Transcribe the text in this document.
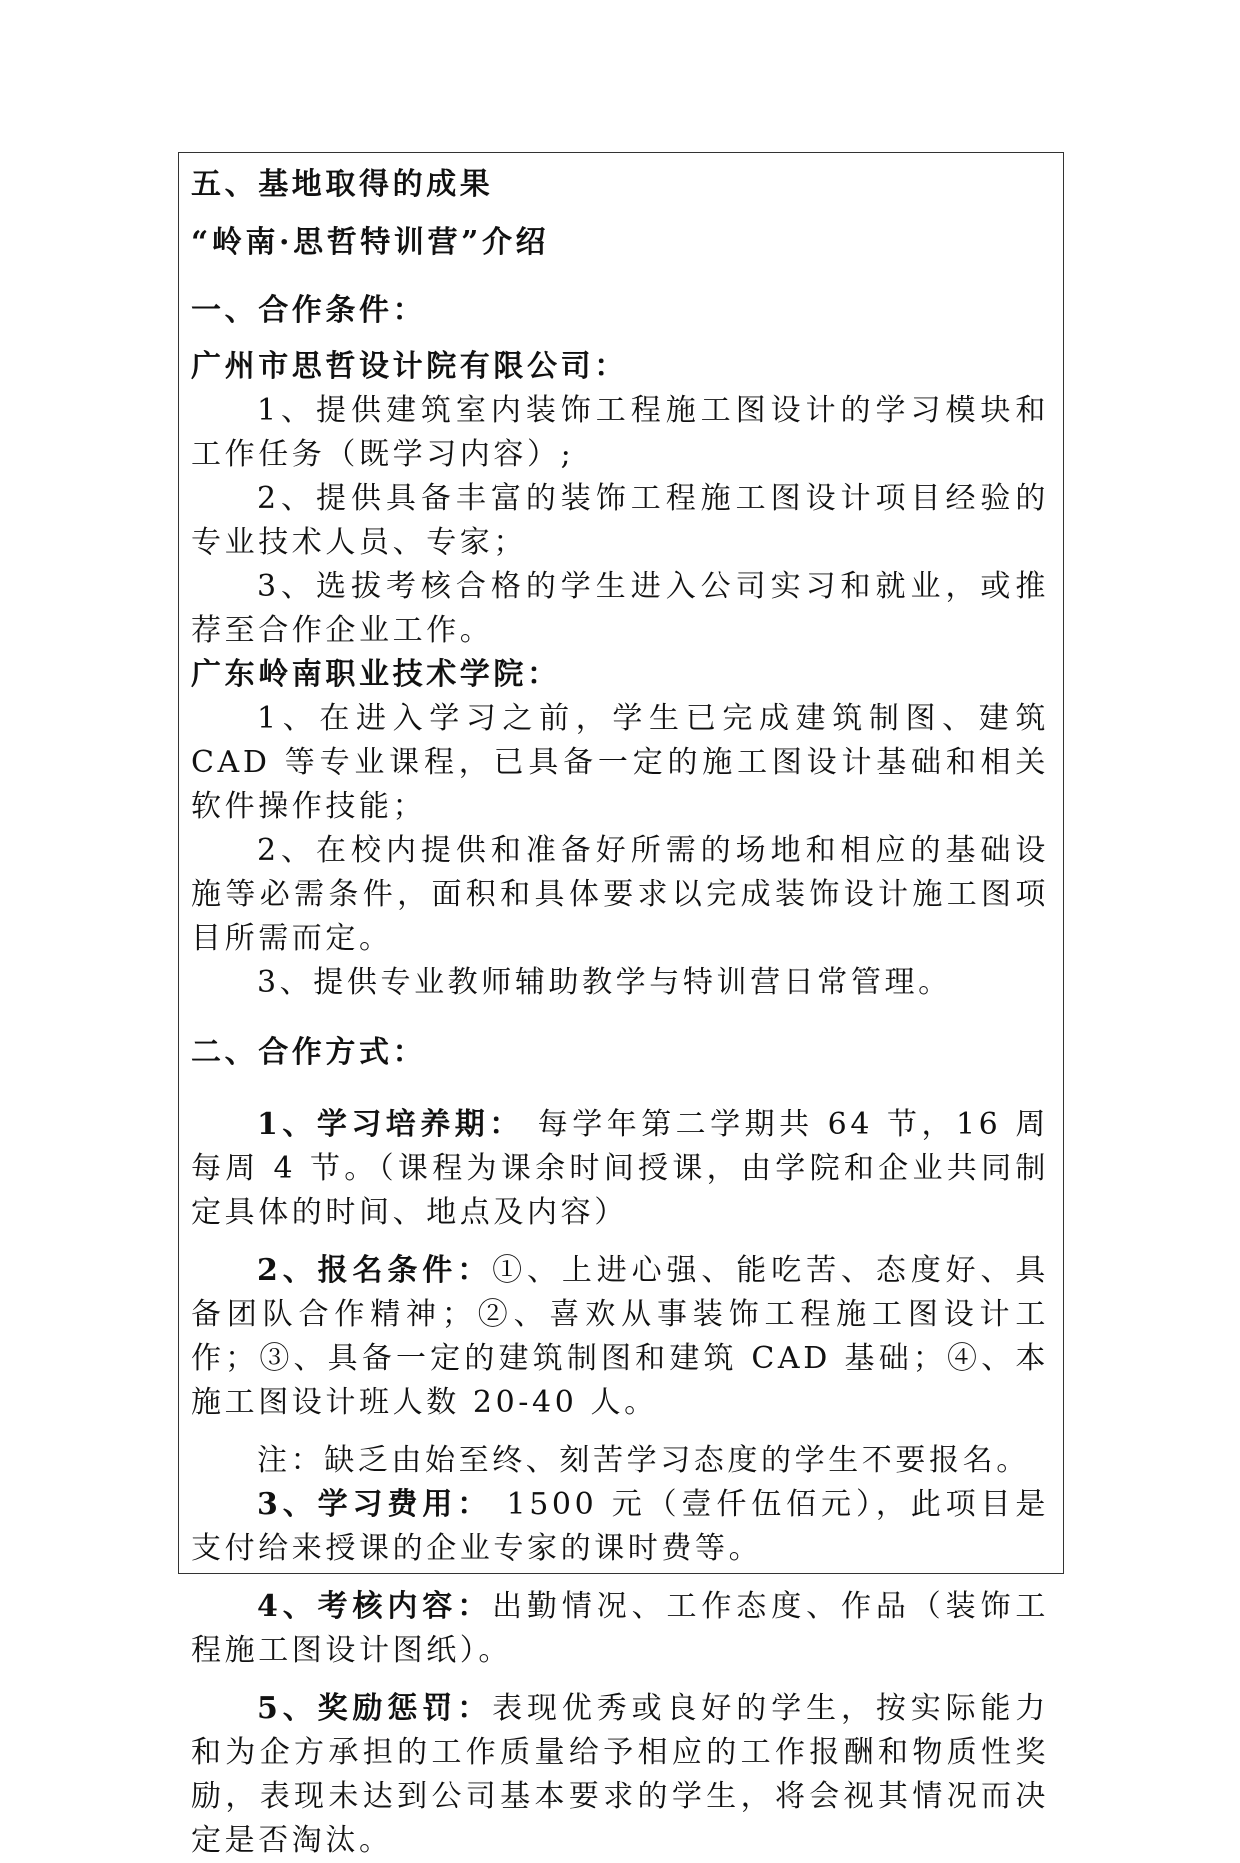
五、基地取得的成果

“岭南·思哲特训营”介绍

一、合作条件：

广州市思哲设计院有限公司：

1、提供建筑室内装饰工程施工图设计的学习模块和工作任务（既学习内容）;

2、提供具备丰富的装饰工程施工图设计项目经验的专业技术人员、专家；

3、选拔考核合格的学生进入公司实习和就业，或推荐至合作企业工作。

广东岭南职业技术学院：

1、在进入学习之前，学生已完成建筑制图、建筑 CAD 等专业课程，已具备一定的施工图设计基础和相关软件操作技能；

2、在校内提供和准备好所需的场地和相应的基础设施等必需条件，面积和具体要求以完成装饰设计施工图项目所需而定。

3、提供专业教师辅助教学与特训营日常管理。

二、合作方式：

1、学习培养期： 每学年第二学期共 64 节，16 周每周 4 节。（课程为课余时间授课，由学院和企业共同制定具体的时间、地点及内容）

2、报名条件：①、上进心强、能吃苦、态度好、具备团队合作精神；②、喜欢从事装饰工程施工图设计工作；③、具备一定的建筑制图和建筑 CAD 基础；④、本施工图设计班人数 20-40 人。

注：缺乏由始至终、刻苦学习态度的学生不要报名。

3、学习费用： 1500 元（壹仟伍佰元），此项目是支付给来授课的企业专家的课时费等。

4、考核内容：出勤情况、工作态度、作品（装饰工程施工图设计图纸）。

5、奖励惩罚：表现优秀或良好的学生，按实际能力和为企方承担的工作质量给予相应的工作报酬和物质性奖励，表现未达到公司基本要求的学生，将会视其情况而决定是否淘汰。
